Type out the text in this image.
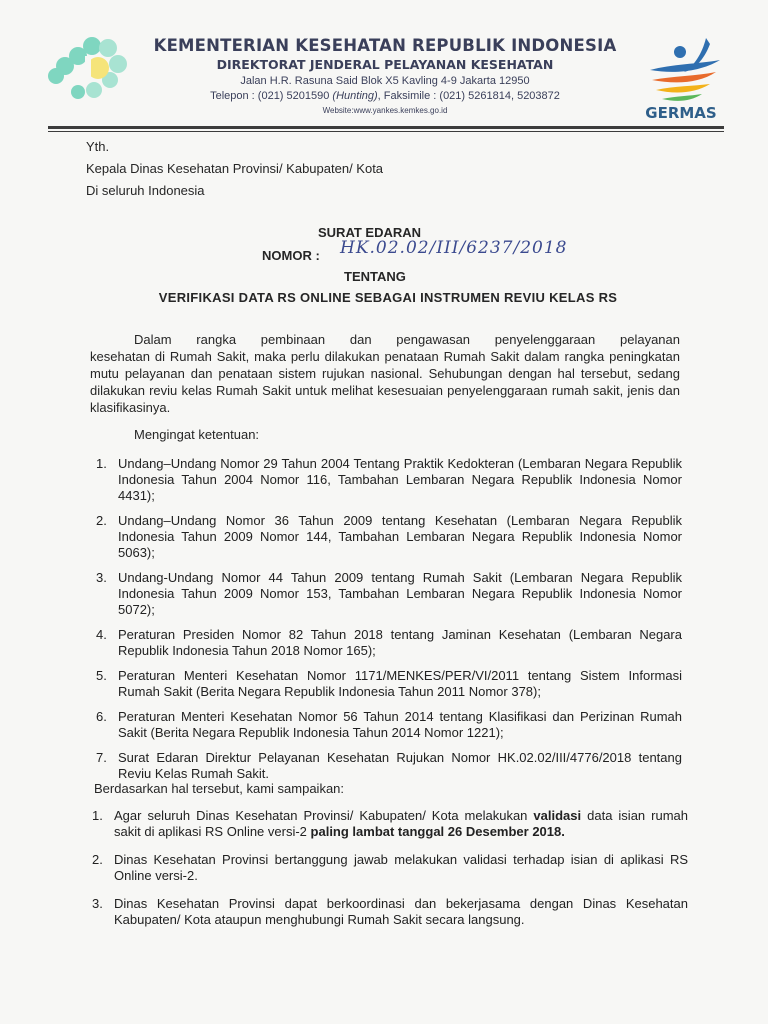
KEMENTERIAN KESEHATAN REPUBLIK INDONESIA
DIREKTORAT JENDERAL PELAYANAN KESEHATAN
Jalan H.R. Rasuna Said Blok X5 Kavling 4-9 Jakarta 12950
Telepon : (021) 5201590 (Hunting), Faksimile : (021) 5261814, 5203872
Website:www.yankes.kemkes.go.id	GERMAS
Yth.
Kepala Dinas Kesehatan Provinsi/ Kabupaten/ Kota
Di seluruh Indonesia
SURAT EDARAN
NOMOR : HK.02.02/III/6237/2018
TENTANG
VERIFIKASI DATA RS ONLINE SEBAGAI INSTRUMEN REVIU KELAS RS
Dalam rangka pembinaan dan pengawasan penyelenggaraan pelayanan
kesehatan di Rumah Sakit, maka perlu dilakukan penataan Rumah Sakit dalam rangka peningkatan mutu pelayanan dan penataan sistem rujukan nasional. Sehubungan dengan hal tersebut, sedang dilakukan reviu kelas Rumah Sakit untuk melihat kesesuaian penyelenggaraan rumah sakit, jenis dan klasifikasinya.
Mengingat ketentuan:
1. Undang–Undang Nomor 29 Tahun 2004 Tentang Praktik Kedokteran (Lembaran Negara Republik Indonesia Tahun 2004 Nomor 116, Tambahan Lembaran Negara Republik Indonesia Nomor 4431);
2. Undang–Undang Nomor 36 Tahun 2009 tentang Kesehatan (Lembaran Negara Republik Indonesia Tahun 2009 Nomor 144, Tambahan Lembaran Negara Republik Indonesia Nomor 5063);
3. Undang-Undang Nomor 44 Tahun 2009 tentang Rumah Sakit (Lembaran Negara Republik Indonesia Tahun 2009 Nomor 153, Tambahan Lembaran Negara Republik Indonesia Nomor 5072);
4. Peraturan Presiden Nomor 82 Tahun 2018 tentang Jaminan Kesehatan (Lembaran Negara Republik Indonesia Tahun 2018 Nomor 165);
5. Peraturan Menteri Kesehatan Nomor 1171/MENKES/PER/VI/2011 tentang Sistem Informasi Rumah Sakit (Berita Negara Republik Indonesia Tahun 2011 Nomor 378);
6. Peraturan Menteri Kesehatan Nomor 56 Tahun 2014 tentang Klasifikasi dan Perizinan Rumah Sakit (Berita Negara Republik Indonesia Tahun 2014 Nomor 1221);
7. Surat Edaran Direktur Pelayanan Kesehatan Rujukan Nomor HK.02.02/III/4776/2018 tentang Reviu Kelas Rumah Sakit.
Berdasarkan hal tersebut, kami sampaikan:
1. Agar seluruh Dinas Kesehatan Provinsi/ Kabupaten/ Kota melakukan validasi data isian rumah sakit di aplikasi RS Online versi-2 paling lambat tanggal 26 Desember 2018.
2. Dinas Kesehatan Provinsi bertanggung jawab melakukan validasi terhadap isian di aplikasi RS Online versi-2.
3. Dinas Kesehatan Provinsi dapat berkoordinasi dan bekerjasama dengan Dinas Kesehatan Kabupaten/ Kota ataupun menghubungi Rumah Sakit secara langsung.
